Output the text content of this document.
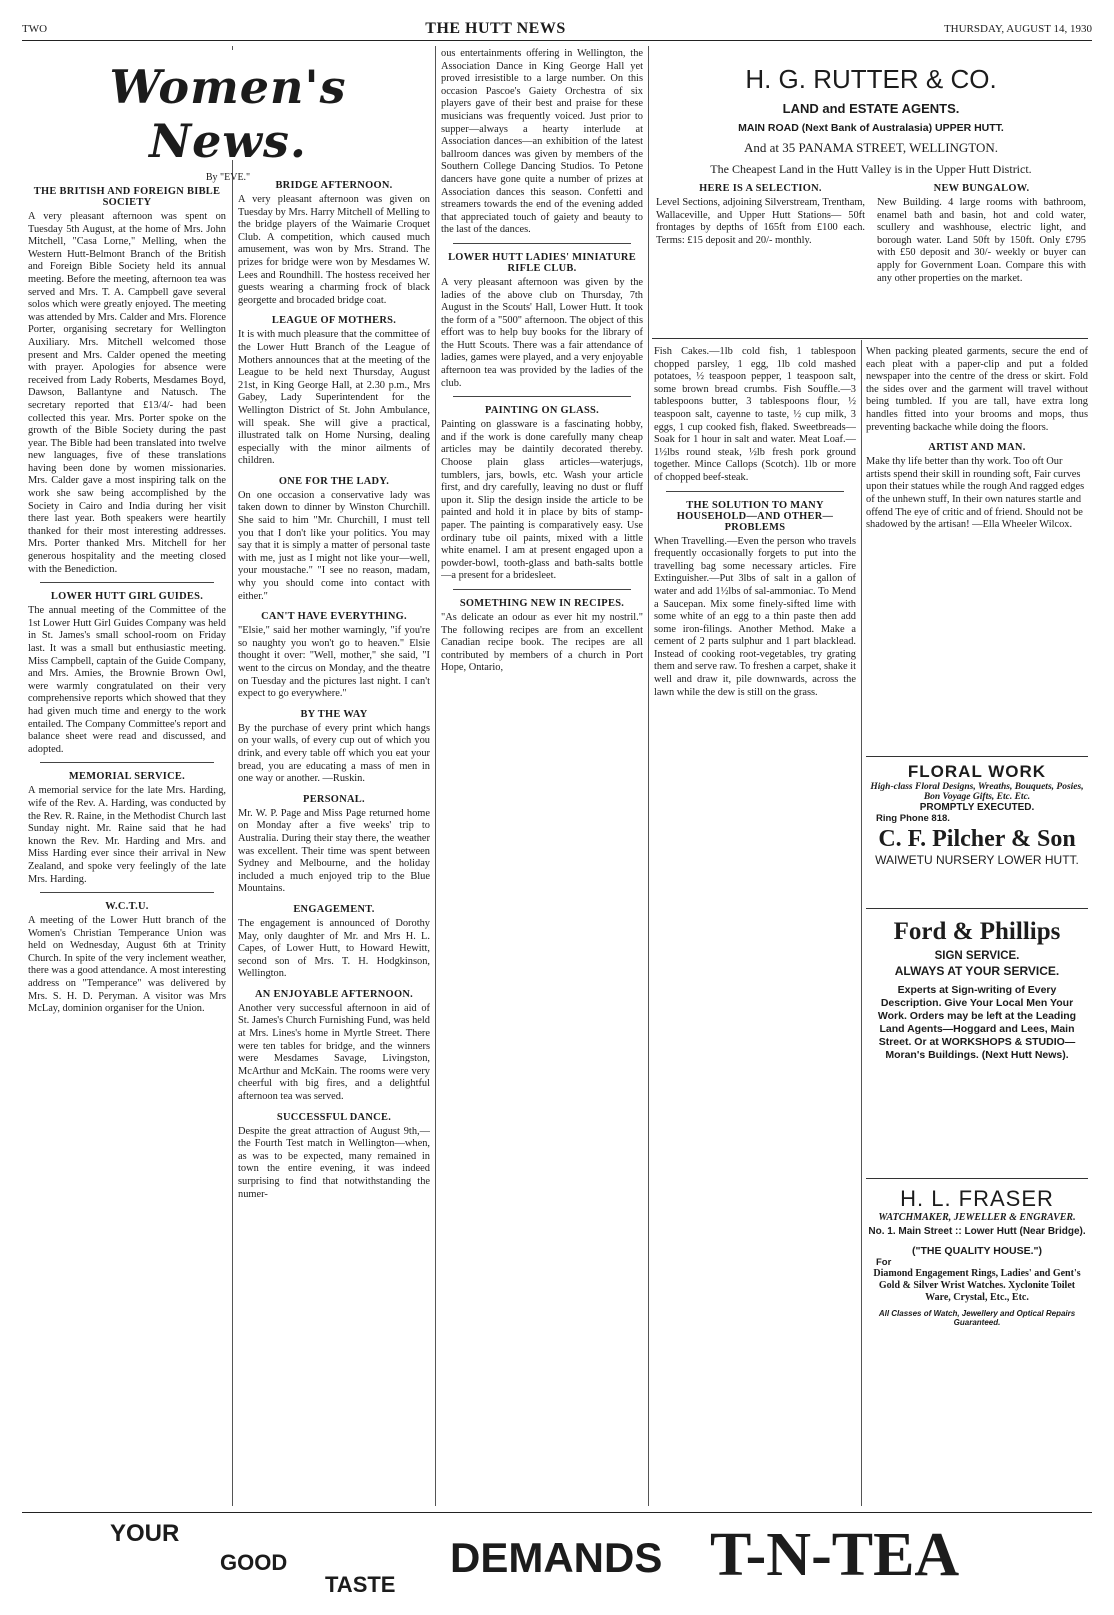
TWO	THE HUTT NEWS	THURSDAY, AUGUST 14, 1930
THE BRITISH AND FOREIGN BIBLE SOCIETY

A very pleasant afternoon was spent on Tuesday 5th August, at the home of Mrs. John Mitchell, "Casa Lorne," Melling, when the Western Hutt-Belmont Branch of the British and Foreign Bible Society held its annual meeting. Before the meeting, afternoon tea was served and Mrs. T. A. Campbell gave several solos which were greatly enjoyed. The meeting was attended by Mrs. Calder and Mrs. Florence Porter, organising secretary for Wellington Auxiliary. Mrs. Mitchell welcomed those present and Mrs. Calder opened the meeting with prayer. Apologies for absence were received from Lady Roberts, Mesdames Boyd, Dawson, Ballantyne and Natusch. The secretary reported that £13/4/- had been collected this year. Mrs. Porter spoke on the growth of the Bible Society during the past year. The Bible had been translated into twelve new languages, five of these translations having been done by women missionaries. Mrs. Calder gave a most inspiring talk on the work she saw being accomplished by the Society in Cairo and India during her visit there last year. Both speakers were heartily thanked for their most interesting addresses. Mrs. Porter thanked Mrs. Mitchell for her generous hospitality and the meeting closed with the Benediction.

LOWER HUTT GIRL GUIDES.

The annual meeting of the Committee of the 1st Lower Hutt Girl Guides Company was held in St. James's small school-room on Friday last. It was a small but enthusiastic meeting. Miss Campbell, captain of the Guide Company, and Mrs. Amies, the Brownie Brown Owl, were warmly congratulated on their very comprehensive reports which showed that they had given much time and energy to the work entailed. The Company Committee's report and balance sheet were read and discussed, and adopted.

MEMORIAL SERVICE.

A memorial service for the late Mrs. Harding, wife of the Rev. A. Harding, was conducted by the Rev. R. Raine, in the Methodist Church last Sunday night. Mr. Raine said that he had known the Rev. Mr. Harding and Mrs. and Miss Harding ever since their arrival in New Zealand, and spoke very feelingly of the late Mrs. Harding.

W.C.T.U.

A meeting of the Lower Hutt branch of the Women's Christian Temperance Union was held on Wednesday, August 6th at Trinity Church. In spite of the very inclement weather, there was a good attendance. A most interesting address on "Temperance" was delivered by Mrs. S. H. D. Peryman. A visitor was Mrs McLay, dominion organiser for the Union.

Women's News.
By "EVE."
BRIDGE AFTERNOON.

A very pleasant afternoon was given on Tuesday by Mrs. Harry Mitchell of Melling to the bridge players of the Waimarie Croquet Club. A competition, which caused much amusement, was won by Mrs. Strand. The prizes for bridge were won by Mesdames W. Lees and Roundhill. The hostess received her guests wearing a charming frock of black georgette and brocaded bridge coat.

LEAGUE OF MOTHERS.

It is with much pleasure that the committee of the Lower Hutt Branch of the League of Mothers announces that at the meeting of the League to be held next Thursday, August 21st, in King George Hall, at 2.30 p.m., Mrs Gabey, Lady Superintendent for the Wellington District of St. John Ambulance, will speak. She will give a practical, illustrated talk on Home Nursing, dealing especially with the minor ailments of children.

ONE FOR THE LADY.

On one occasion a conservative lady was taken down to dinner by Winston Churchill. She said to him "Mr. Churchill, I must tell you that I don't like your politics. You may say that it is simply a matter of personal taste with me, just as I might not like your—well, your moustache." "I see no reason, madam, why you should come into contact with either."

CAN'T HAVE EVERYTHING.

"Elsie," said her mother warningly, "if you're so naughty you won't go to heaven." Elsie thought it over: "Well, mother," she said, "I went to the circus on Monday, and the theatre on Tuesday and the pictures last night. I can't expect to go everywhere."

BY THE WAY

By the purchase of every print which hangs on your walls, of every cup out of which you drink, and every table off which you eat your bread, you are educating a mass of men in one way or another. —Ruskin.

PERSONAL.

Mr. W. P. Page and Miss Page returned home on Monday after a five weeks' trip to Australia. During their stay there, the weather was excellent. Their time was spent between Sydney and Melbourne, and the holiday included a much enjoyed trip to the Blue Mountains.

ENGAGEMENT.

The engagement is announced of Dorothy May, only daughter of Mr. and Mrs H. L. Capes, of Lower Hutt, to Howard Hewitt, second son of Mrs. T. H. Hodgkinson, Wellington.

AN ENJOYABLE AFTERNOON.

Another very successful afternoon in aid of St. James's Church Furnishing Fund, was held at Mrs. Lines's home in Myrtle Street. There were ten tables for bridge, and the winners were Mesdames Savage, Livingston, McArthur and McKain. The rooms were very cheerful with big fires, and a delightful afternoon tea was served.

SUCCESSFUL DANCE.

Despite the great attraction of August 9th,—the Fourth Test match in Wellington—when, as was to be expected, many remained in town the entire evening, it was indeed surprising to find that notwithstanding the numer-

ous entertainments offering in Wellington, the Association Dance in King George Hall yet proved irresistible to a large number. On this occasion Pascoe's Gaiety Orchestra of six players gave of their best and praise for these musicians was frequently voiced. Just prior to supper—always a hearty interlude at Association dances—an exhibition of the latest ballroom dances was given by members of the Southern College Dancing Studios. To Petone dancers have gone quite a number of prizes at Association dances this season. Confetti and streamers towards the end of the evening added that appreciated touch of gaiety and beauty to the last of the dances.

LOWER HUTT LADIES' MINIATURE RIFLE CLUB.

A very pleasant afternoon was given by the ladies of the above club on Thursday, 7th August in the Scouts' Hall, Lower Hutt. It took the form of a "500" afternoon. The object of this effort was to help buy books for the library of the Hutt Scouts. There was a fair attendance of ladies, games were played, and a very enjoyable afternoon tea was provided by the ladies of the club.

PAINTING ON GLASS.

Painting on glassware is a fascinating hobby, and if the work is done carefully many cheap articles may be daintily decorated thereby. Choose plain glass articles—waterjugs, tumblers, jars, bowls, etc. Wash your article first, and dry carefully, leaving no dust or fluff upon it. Slip the design inside the article to be painted and hold it in place by bits of stamp-paper. The painting is comparatively easy. Use ordinary tube oil paints, mixed with a little white enamel. I am at present engaged upon a powder-bowl, tooth-glass and bath-salts bottle—a present for a bridesleet.

SOMETHING NEW IN RECIPES.

"As delicate an odour as ever hit my nostril." The following recipes are from an excellent Canadian recipe book. The recipes are all contributed by members of a church in Port Hope, Ontario,

H. G. RUTTER & CO.
LAND and ESTATE AGENTS.
MAIN ROAD (Next Bank of Australasia) UPPER HUTT.
And at 35 PANAMA STREET, WELLINGTON.
The Cheapest Land in the Hutt Valley is in the Upper Hutt District.
HERE IS A SELECTION.

Level Sections, adjoining Silverstream, Trentham, Wallaceville, and Upper Hutt Stations— 50ft frontages by depths of 165ft from £100 each. Terms: £15 deposit and 20/- monthly.

NEW BUNGALOW.

New Building. 4 large rooms with bathroom, enamel bath and basin, hot and cold water, scullery and washhouse, electric light, and borough water. Land 50ft by 150ft. Only £795 with £50 deposit and 30/- weekly or buyer can apply for Government Loan. Compare this with any other properties on the market.

Fish Cakes.—1lb cold fish, 1 tablespoon chopped parsley, 1 egg, 1lb cold mashed potatoes, ½ teaspoon pepper, 1 teaspoon salt, some brown bread crumbs. Fish Souffle.—3 tablespoons butter, 3 tablespoons flour, ½ teaspoon salt, cayenne to taste, ½ cup milk, 3 eggs, 1 cup cooked fish, flaked. Sweetbreads—Soak for 1 hour in salt and water. Meat Loaf.—1½lbs round steak, ½lb fresh pork ground together. Mince Callops (Scotch). 1lb or more of chopped beef-steak.

THE SOLUTION TO MANY HOUSEHOLD—AND OTHER—PROBLEMS

When Travelling.—Even the person who travels frequently occasionally forgets to put into the travelling bag some necessary articles. Fire Extinguisher.—Put 3lbs of salt in a gallon of water and add 1½lbs of sal-ammoniac. To Mend a Saucepan. Mix some finely-sifted lime with some white of an egg to a thin paste then add some iron-filings. Another Method. Make a cement of 2 parts sulphur and 1 part blacklead. Instead of cooking root-vegetables, try grating them and serve raw. To freshen a carpet, shake it well and draw it, pile downwards, across the lawn while the dew is still on the grass.

When packing pleated garments, secure the end of each pleat with a paper-clip and put a folded newspaper into the centre of the dress or skirt. Fold the sides over and the garment will travel without being tumbled. If you are tall, have extra long handles fitted into your brooms and mops, thus preventing backache while doing the floors.

ARTIST AND MAN.

Make thy life better than thy work. Too oft Our artists spend their skill in rounding soft, Fair curves upon their statues while the rough And ragged edges of the unhewn stuff, In their own natures startle and offend The eye of critic and of friend. Should not be shadowed by the artisan! —Ella Wheeler Wilcox.

FLORAL WORK
High-class Floral Designs, Wreaths, Bouquets, Posies, Bon Voyage Gifts, Etc. Etc.
PROMPTLY EXECUTED.
Ring Phone 818.
C. F. Pilcher & Son
WAIWETU NURSERY LOWER HUTT.
Ford & Phillips
SIGN SERVICE.
ALWAYS AT YOUR SERVICE.
Experts at Sign-writing of Every Description. Give Your Local Men Your Work. Orders may be left at the Leading Land Agents—Hoggard and Lees, Main Street. Or at WORKSHOPS & STUDIO— Moran's Buildings. (Next Hutt News).
H. L. FRASER
WATCHMAKER, JEWELLER & ENGRAVER.
No. 1. Main Street :: Lower Hutt (Near Bridge).
("THE QUALITY HOUSE.")
For
Diamond Engagement Rings, Ladies' and Gent's Gold & Silver Wrist Watches. Xyclonite Toilet Ware, Crystal, Etc., Etc.
All Classes of Watch, Jewellery and Optical Repairs Guaranteed.
YOUR
GOOD
TASTE
DEMANDS T-N-TEA
